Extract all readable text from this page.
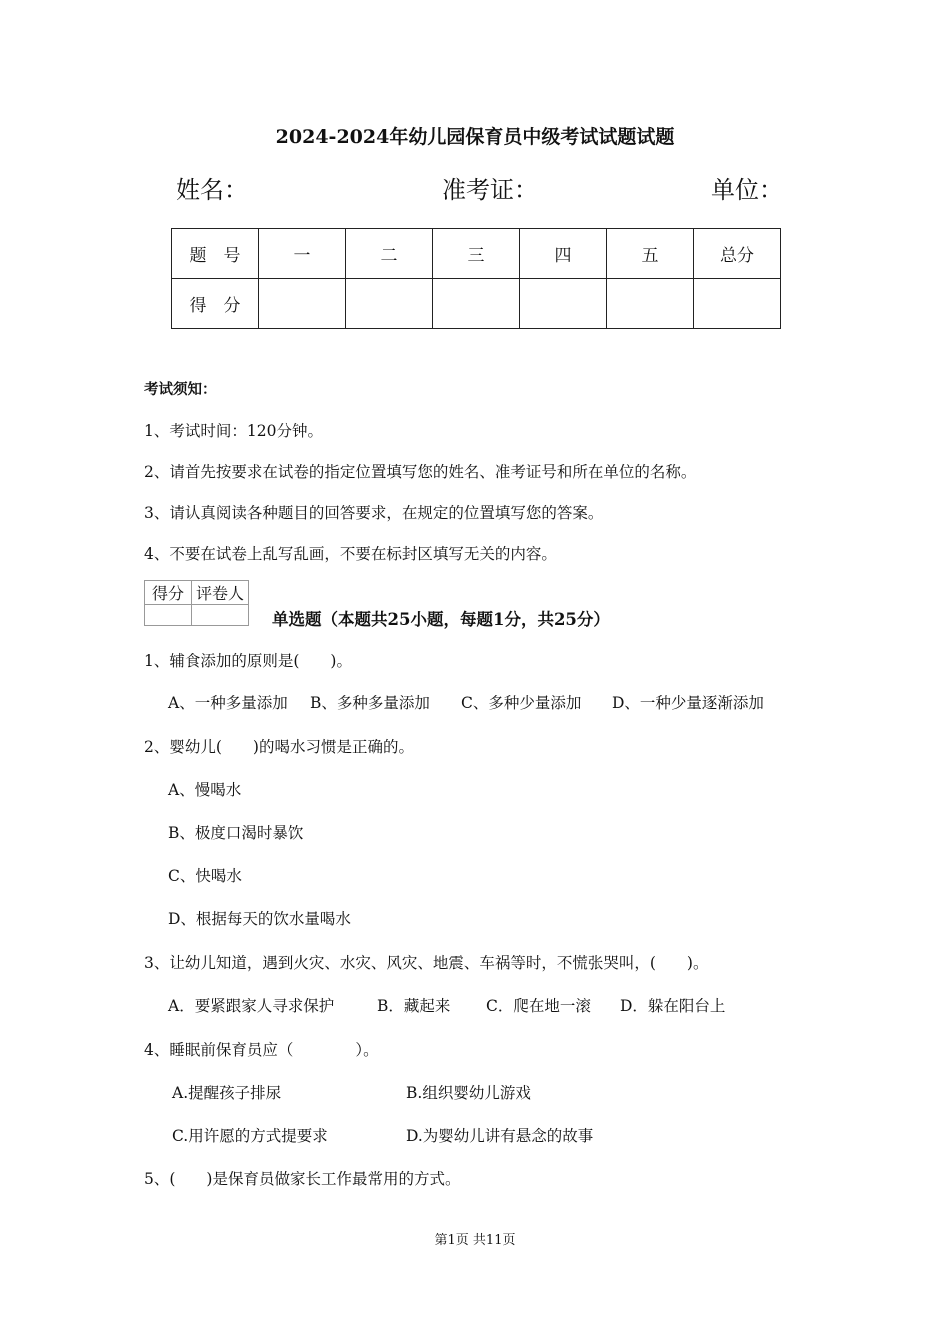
2024-2024年幼儿园保育员中级考试试题试题
姓名：	准考证：	单位：
题　号	一	二	三	四	五	总分
得　分						
考试须知：
1、考试时间：120分钟。
2、请首先按要求在试卷的指定位置填写您的姓名、准考证号和所在单位的名称。
3、请认真阅读各种题目的回答要求，在规定的位置填写您的答案。
4、不要在试卷上乱写乱画，不要在标封区填写无关的内容。
得分	评卷人

单选题（本题共25小题，每题1分，共25分）
1、辅食添加的原则是(　　)。
A、一种多量添加 B、多种多量添加 C、多种少量添加 D、一种少量逐渐添加
2、婴幼儿(　　)的喝水习惯是正确的。
A、慢喝水
B、极度口渴时暴饮
C、快喝水
D、根据每天的饮水量喝水
3、让幼儿知道，遇到火灾、水灾、风灾、地震、车祸等时，不慌张哭叫，(　　)。
A．要紧跟家人寻求保护	B．藏起来 C．爬在地一滚 D．躲在阳台上
4、睡眠前保育员应（　　　　）。
A.提醒孩子排尿	B.组织婴幼儿游戏
C.用许愿的方式提要求	D.为婴幼儿讲有悬念的故事
5、(　　)是保育员做家长工作最常用的方式。
第1页 共11页
